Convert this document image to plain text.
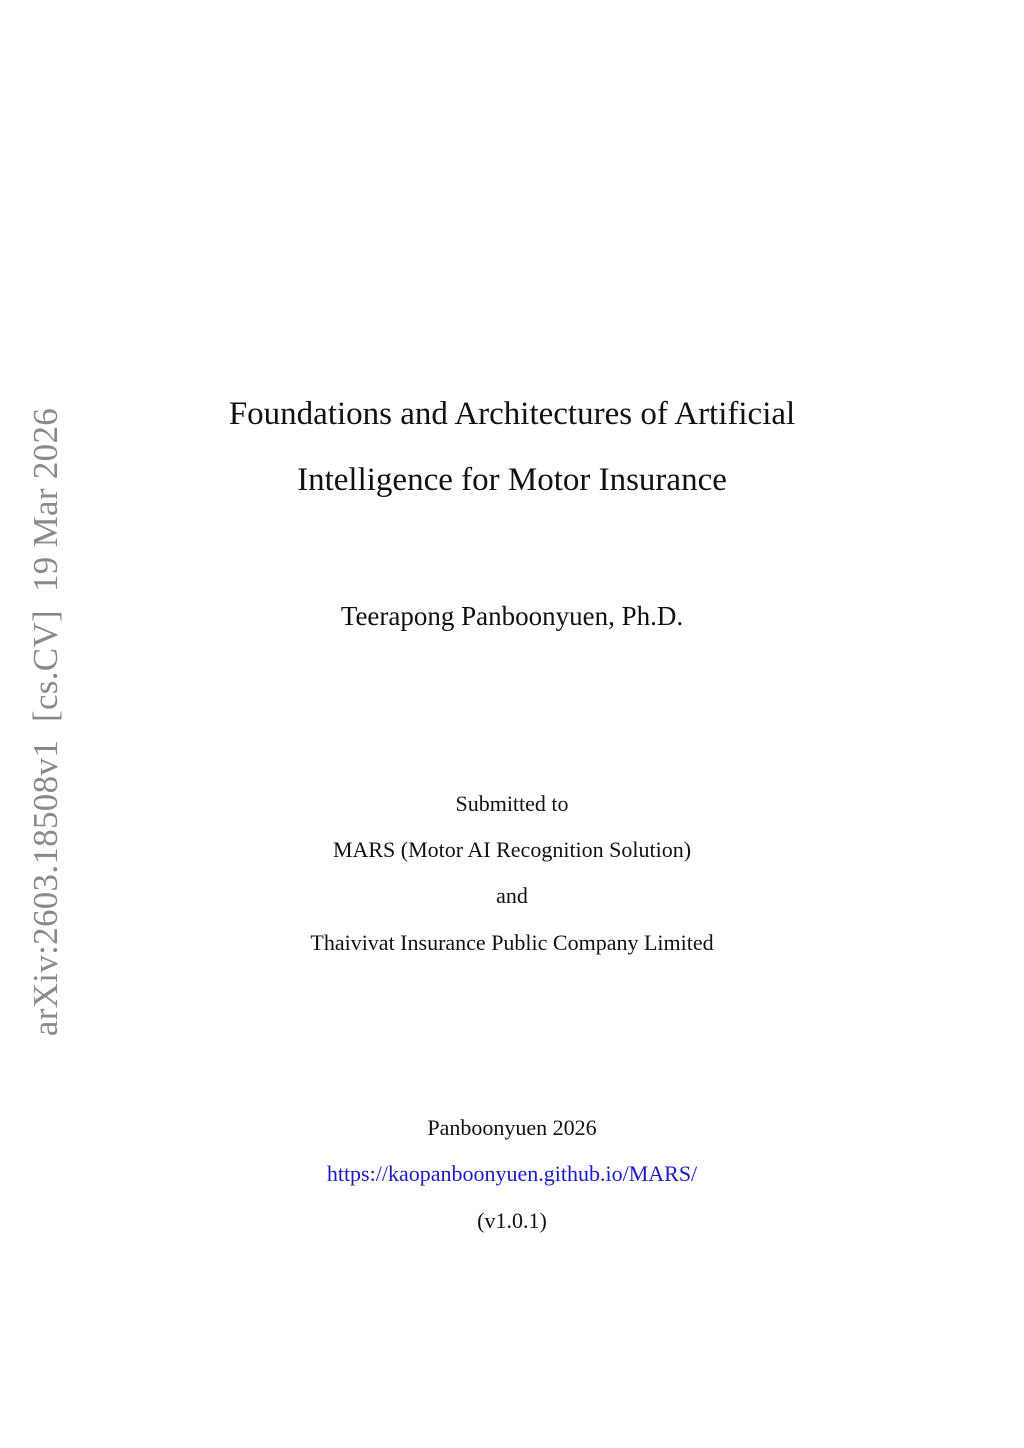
arXiv:2603.18508v1[cs.CV]19 Mar 2026	Foundations and Architectures of Artificial
Intelligence for Motor Insurance
Teerapong Panboonyuen, Ph.D.
Submitted to
MARS (Motor AI Recognition Solution)
and
Thaivivat Insurance Public Company Limited
Panboonyuen 2026
https://kaopanboonyuen.github.io/MARS/
(v1.0.1)
